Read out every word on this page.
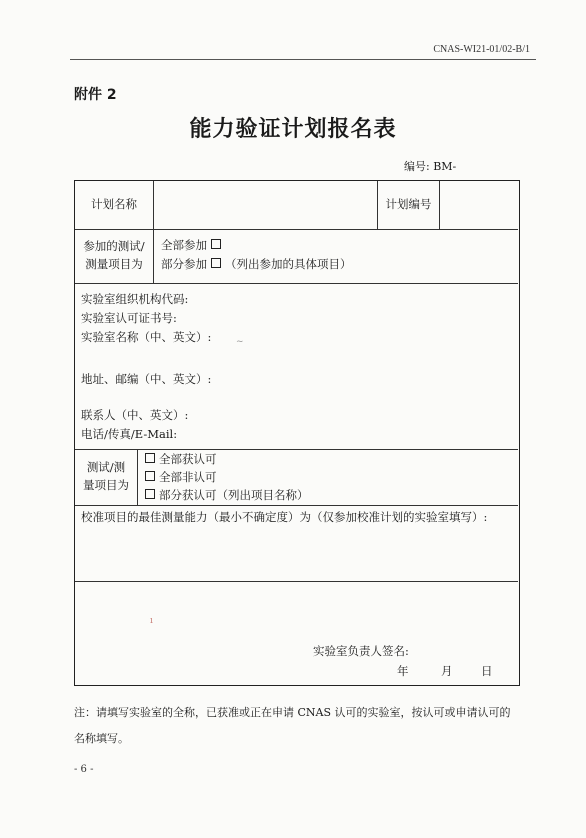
CNAS-WI21-01/02-B/1
附件 2
能力验证计划报名表
编号: BM-
计划名称	计划编号
参加的测试/
测量项目为
全部参加
部分参加 （列出参加的具体项目）
实验室组织机构代码:
实验室认可证书号:
实验室名称（中、英文）:
地址、邮编（中、英文）:
联系人（中、英文）:
电话/传真/E-Mail:
测试/测
量项目为
全部获认可
全部非认可
部分获认可（列出项目名称）
校准项目的最佳测量能力（最小不确定度）为（仅参加校准计划的实验室填写）:
实验室负责人签名:
年	月 日
~
ı
注：请填写实验室的全称，已获准或正在申请 CNAS 认可的实验室，按认可或申请认可的
名称填写。
- 6 -
